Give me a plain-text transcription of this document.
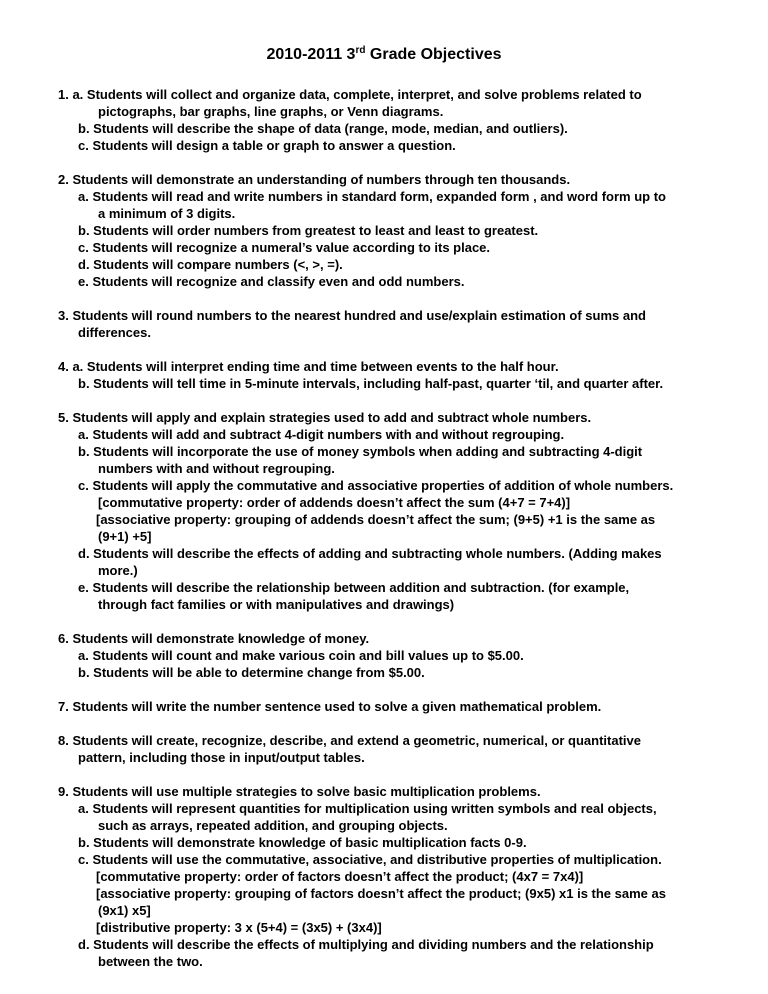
2010-2011 3rd Grade Objectives
1. a. Students will collect and organize data, complete, interpret, and solve problems related to
pictographs, bar graphs, line graphs, or Venn diagrams.
b. Students will describe the shape of data (range, mode, median, and outliers).
c. Students will design a table or graph to answer a question.
2. Students will demonstrate an understanding of numbers through ten thousands.
a. Students will read and write numbers in standard form, expanded form , and word form up to
a minimum of 3 digits.
b. Students will order numbers from greatest to least and least to greatest.
c. Students will recognize a numeral’s value according to its place.
d. Students will compare numbers (<, >, =).
e. Students will recognize and classify even and odd numbers.
3. Students will round numbers to the nearest hundred and use/explain estimation of sums and
differences.
4. a. Students will interpret ending time and time between events to the half hour.
b. Students will tell time in 5-minute intervals, including half-past, quarter ‘til, and quarter after.
5. Students will apply and explain strategies used to add and subtract whole numbers.
a. Students will add and subtract 4-digit numbers with and without regrouping.
b. Students will incorporate the use of money symbols when adding and subtracting 4-digit
numbers with and without regrouping.
c. Students will apply the commutative and associative properties of addition of whole numbers.
[commutative property: order of addends doesn’t affect the sum (4+7 = 7+4)]
[associative property: grouping of addends doesn’t affect the sum; (9+5) +1 is the same as
(9+1) +5]
d. Students will describe the effects of adding and subtracting whole numbers. (Adding makes
more.)
e. Students will describe the relationship between addition and subtraction. (for example,
through fact families or with manipulatives and drawings)
6. Students will demonstrate knowledge of money.
a. Students will count and make various coin and bill values up to $5.00.
b. Students will be able to determine change from $5.00.
7. Students will write the number sentence used to solve a given mathematical problem.
8. Students will create, recognize, describe, and extend a geometric, numerical, or quantitative
pattern, including those in input/output tables.
9. Students will use multiple strategies to solve basic multiplication problems.
a. Students will represent quantities for multiplication using written symbols and real objects,
such as arrays, repeated addition, and grouping objects.
b. Students will demonstrate knowledge of basic multiplication facts 0-9.
c. Students will use the commutative, associative, and distributive properties of multiplication.
[commutative property: order of factors doesn’t affect the product; (4x7 = 7x4)]
[associative property: grouping of factors doesn’t affect the product; (9x5) x1 is the same as
(9x1) x5]
[distributive property: 3 x (5+4) = (3x5) + (3x4)]
d. Students will describe the effects of multiplying and dividing numbers and the relationship
between the two.
